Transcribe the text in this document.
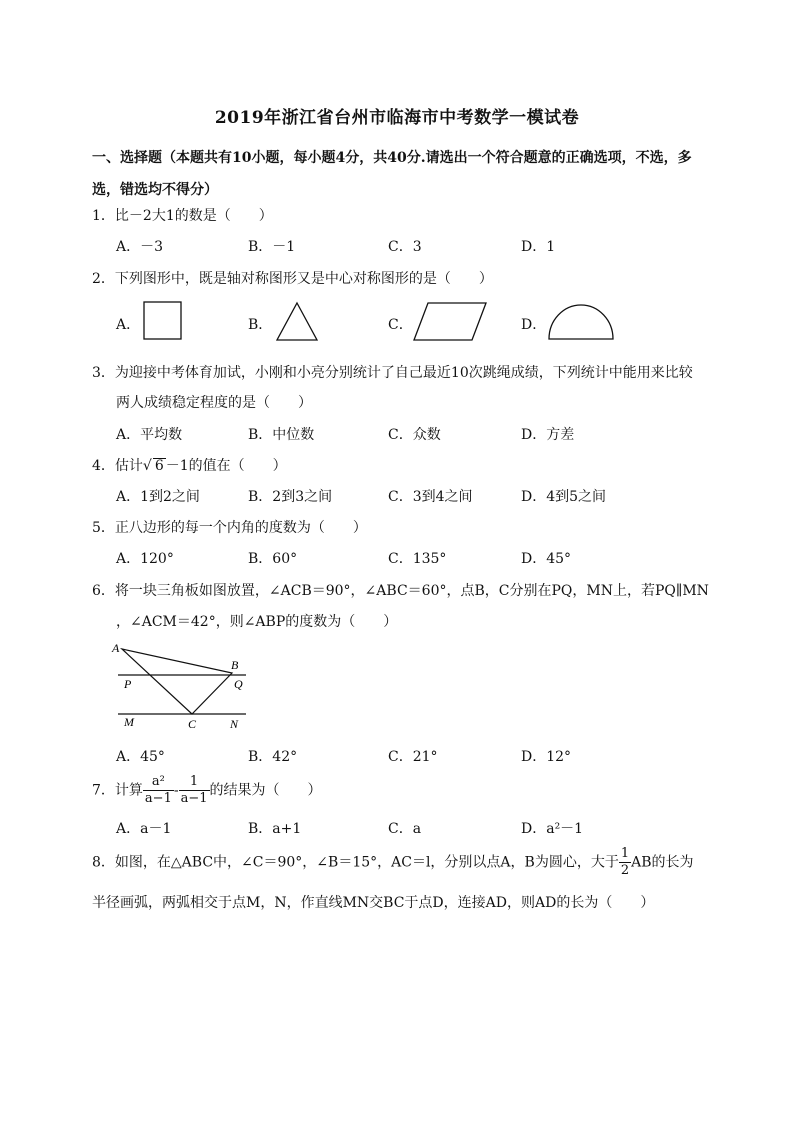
2019年浙江省台州市临海市中考数学一模试卷
一、选择题（本题共有10小题，每小题4分，共40分.请选出一个符合题意的正确选项，不选，多
选，错选均不得分）
1．比－2大1的数是（　　）
A．－3	B．－1	C．3	D．1
2．下列图形中，既是轴对称图形又是中心对称图形的是（　　）
A．	B．	C．	D．
3．为迎接中考体育加试，小刚和小亮分别统计了自己最近10次跳绳成绩，下列统计中能用来比较
两人成绩稳定程度的是（　　）
A．平均数	B．中位数	C．众数	D．方差
4．估计√ 6 －1的值在（　　）
A．1到2之间	B．2到3之间	C．3到4之间	D．4到5之间
5．正八边形的每一个内角的度数为（　　）
A．120°	B．60°	C．135°	D．45°
6．将一块三角板如图放置，∠ACB＝90°，∠ABC＝60°，点B，C分别在PQ，MN上，若PQ∥MN
，∠ACM＝42°，则∠ABP的度数为（　　）
A
B
P	Q
M	C	N
A．45°	B．42°	C．21°	D．12°
7．计算 $\frac{\text{a²}}{a-1} - \frac{1}{a-1}$ 的结果为（　　）
A．a－1	B．a+1	C．a	D．a²－1
8．如图，在△ABC中，∠C＝90°，∠B＝15°，AC＝l，分别以点A，B为圆心，大于 $\frac{1}{2}$ AB的长为
半径画弧，两弧相交于点M，N，作直线MN交BC于点D，连接AD，则AD的长为（　　）
